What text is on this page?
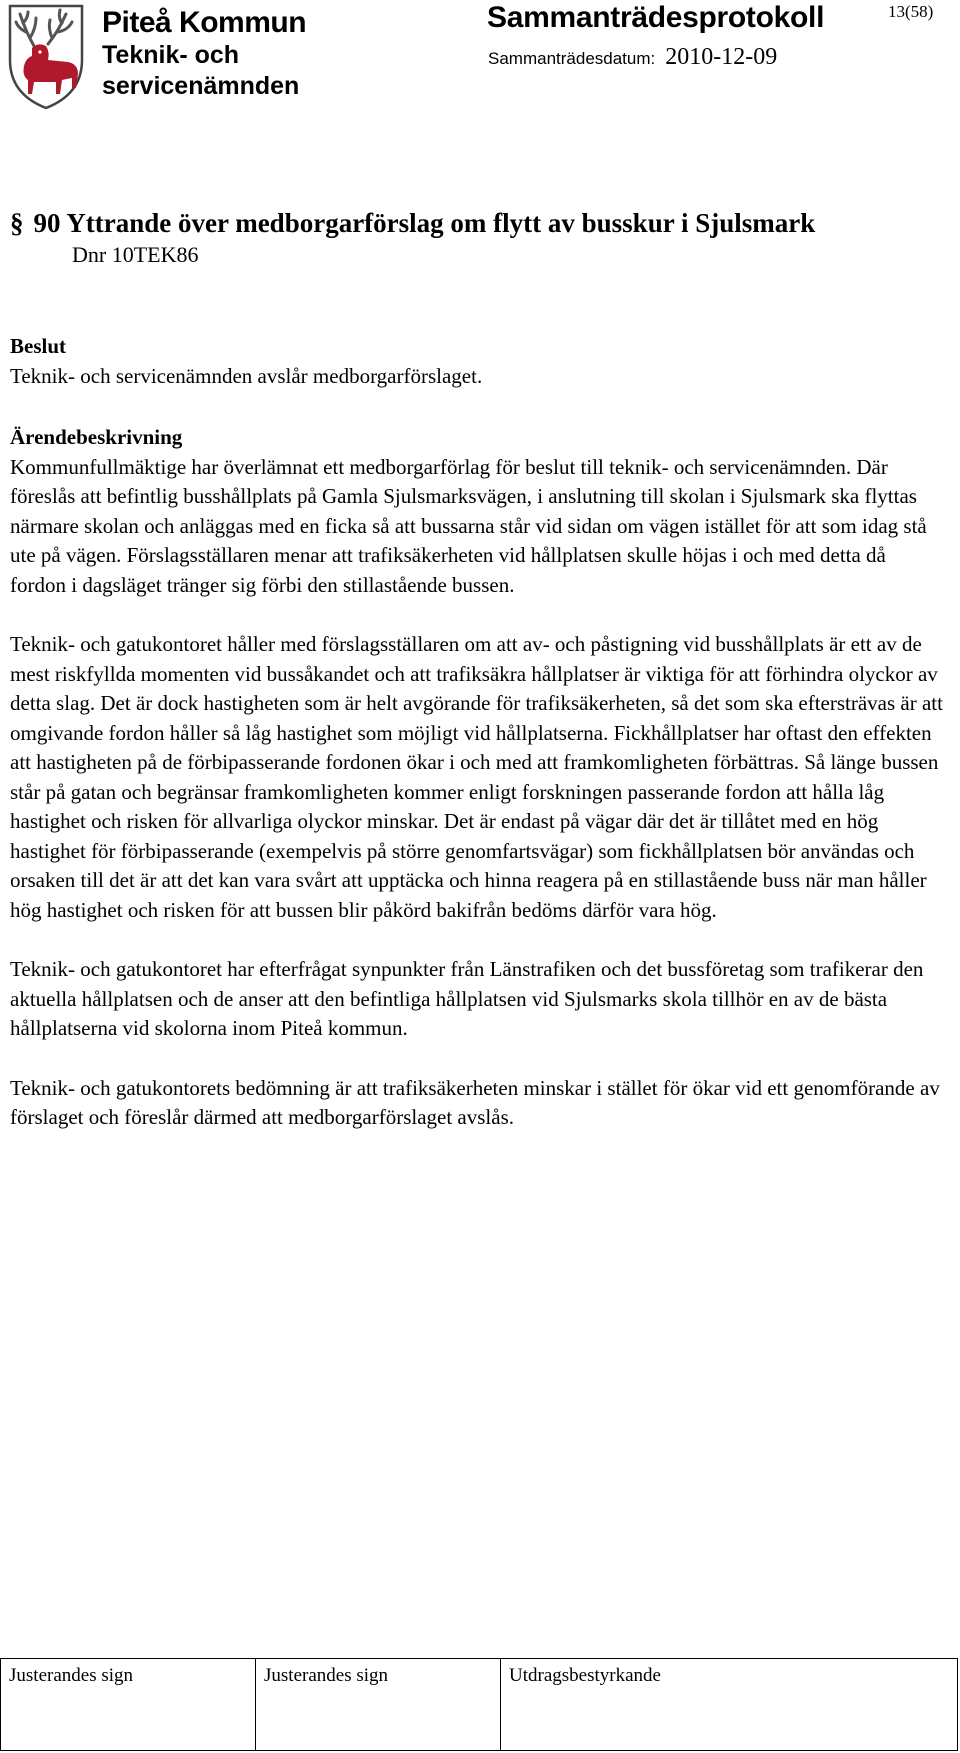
Piteå Kommun
Teknik- och
servicenämnden
Sammanträdesprotokoll	13(58)
Sammanträdesdatum: 2010-12-09
§ 90 Yttrande över medborgarförslag om flytt av busskur i Sjulsmark
Dnr 10TEK86
Beslut

Teknik- och servicenämnden avslår medborgarförslaget.

Ärendebeskrivning

Kommunfullmäktige har överlämnat ett medborgarförlag för beslut till teknik- och servicenämnden. Där föreslås att befintlig busshållplats på Gamla Sjulsmarksvägen, i anslutning till skolan i Sjulsmark ska flyttas närmare skolan och anläggas med en ficka så att bussarna står vid sidan om vägen istället för att som idag stå ute på vägen. Förslagsställaren menar att trafiksäkerheten vid hållplatsen skulle höjas i och med detta då fordon i dagsläget tränger sig förbi den stillastående bussen.

Teknik- och gatukontoret håller med förslagsställaren om att av- och påstigning vid busshållplats är ett av de mest riskfyllda momenten vid bussåkandet och att trafiksäkra hållplatser är viktiga för att förhindra olyckor av detta slag. Det är dock hastigheten som är helt avgörande för trafiksäkerheten, så det som ska eftersträvas är att omgivande fordon håller så låg hastighet som möjligt vid hållplatserna. Fickhållplatser har oftast den effekten att hastigheten på de förbipasserande fordonen ökar i och med att framkomligheten förbättras. Så länge bussen står på gatan och begränsar framkomligheten kommer enligt forskningen passerande fordon att hålla låg hastighet och risken för allvarliga olyckor minskar. Det är endast på vägar där det är tillåtet med en hög hastighet för förbipasserande (exempelvis på större genomfartsvägar) som fickhållplatsen bör användas och orsaken till det är att det kan vara svårt att upptäcka och hinna reagera på en stillastående buss när man håller hög hastighet och risken för att bussen blir påkörd bakifrån bedöms därför vara hög.

Teknik- och gatukontoret har efterfrågat synpunkter från Länstrafiken och det bussföretag som trafikerar den aktuella hållplatsen och de anser att den befintliga hållplatsen vid Sjulsmarks skola tillhör en av de bästa hållplatserna vid skolorna inom Piteå kommun.

Teknik- och gatukontorets bedömning är att trafiksäkerheten minskar i stället för ökar vid ett genomförande av förslaget och föreslår därmed att medborgarförslaget avslås.

Justerandes sign	Justerandes sign	Utdragsbestyrkande
